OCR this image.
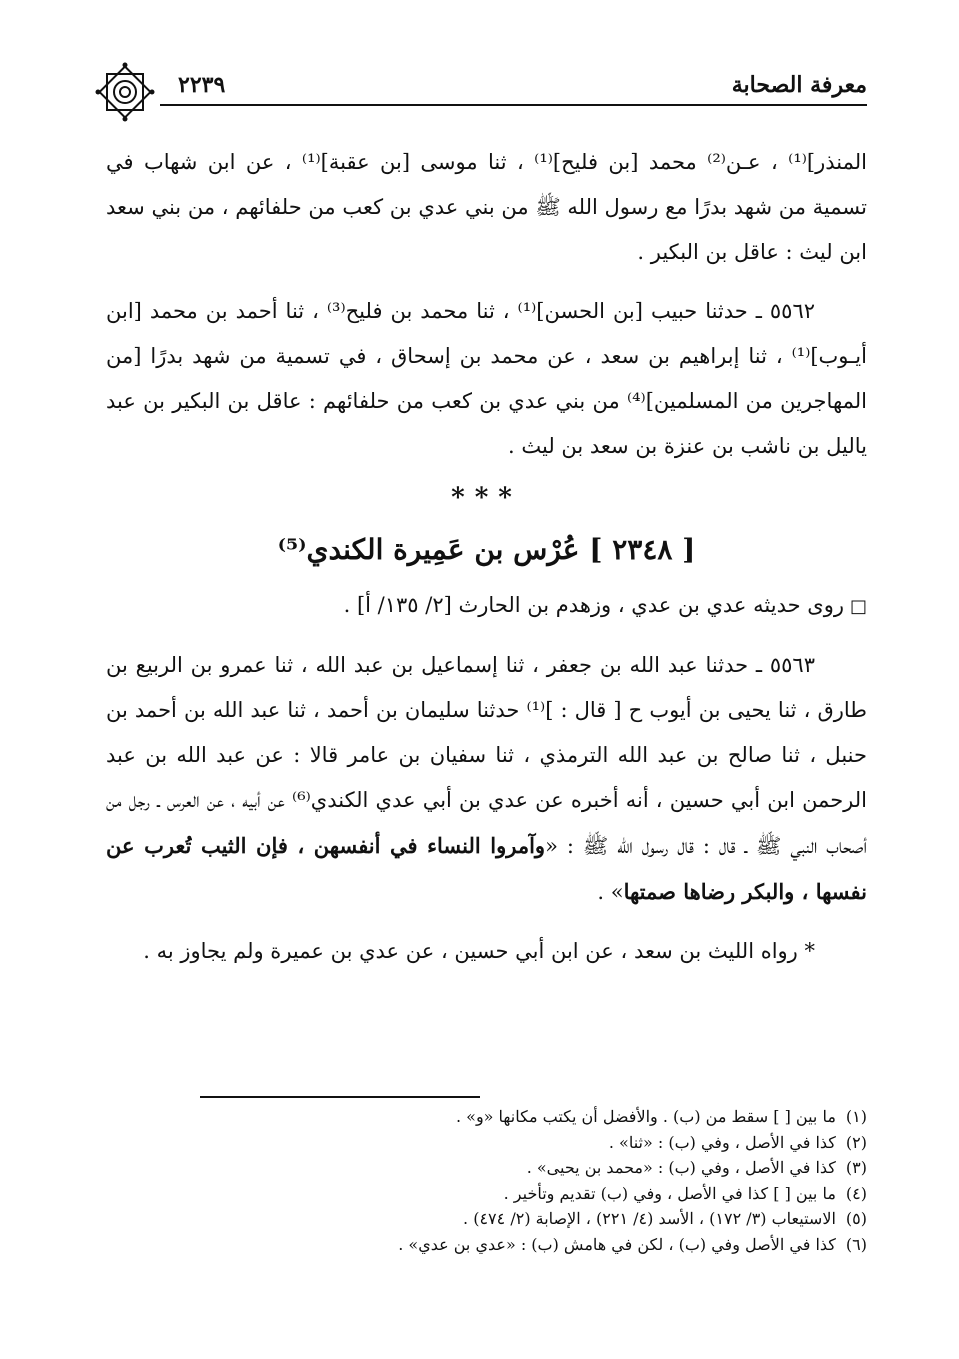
معرفة الصحابة
٢٢٣٩

المنذر]⁽¹⁾ ، عـن⁽²⁾ محمد [بن فليح]⁽¹⁾ ، ثنا موسى [بن عقبة]⁽¹⁾ ، عن ابن شهاب في تسمية من شهد بدرًا مع رسول الله ﷺ من بني عدي بن كعب من حلفائهم ، من بني سعد ابن ليث : عاقل بن البكير .

٥٥٦٢ ـ حدثنا حبيب [بن الحسن]⁽¹⁾ ، ثنا محمد بن فليح⁽³⁾ ، ثنا أحمد بن محمد [ابن أيـوب]⁽¹⁾ ، ثنا إبراهيم بن سعد ، عن محمد بن إسحاق ، في تسمية من شهد بدرًا [من المهاجرين من المسلمين]⁽⁴⁾ من بني عدي بن كعب من حلفائهم : عاقل بن البكير بن عبد ياليل بن ناشب بن عنزة بن سعد بن ليث .

***
[ ٢٣٤٨ ] عُرْس بن عَمِيرة الكندي⁽⁵⁾

□روى حديثه عدي بن عدي ، وزهدم بن الحارث [٢/ ١٣٥/ أ] .

٥٥٦٣ ـ حدثنا عبد الله بن جعفر ، ثنا إسماعيل بن عبد الله ، ثنا عمرو بن الربيع بن طارق ، ثنا يحيى بن أيوب ح [ قال : ]⁽¹⁾ حدثنا سليمان بن أحمد ، ثنا عبد الله بن أحمد بن حنبل ، ثنا صالح بن عبد الله الترمذي ، ثنا سفيان بن عامر قالا : عن عبد الله بن عبد الرحمن ابن أبي حسين ، أنه أخبره عن عدي بن أبي عدي الكندي⁽⁶⁾ عن أبيه ، عن العرس ـ رجل من أصحاب النبي ﷺ ـ قال : قال رسول الله ﷺ : «وآمروا النساء في أنفسهن ، فإن الثيب تُعرب عن نفسها ، والبكر رضاها صمتها» .

* رواه الليث بن سعد ، عن ابن أبي حسين ، عن عدي بن عميرة ولم يجاوز به .

(١)ما بين [ ] سقط من (ب) . والأفضل أن يكتب مكانها «و» .
(٢)كذا في الأصل ، وفي (ب) : «ثنا» .
(٣)كذا في الأصل ، وفي (ب) : «محمد بن يحيى» .
(٤)ما بين [ ] كذا في الأصل ، وفي (ب) تقديم وتأخير .
(٥)الاستيعاب (٣/ ١٧٢) ، الأسد (٤/ ٢٢١) ، الإصابة (٢/ ٤٧٤) .
(٦)كذا في الأصل وفي (ب) ، لكن في هامش (ب) : «عدي بن عدي» .
